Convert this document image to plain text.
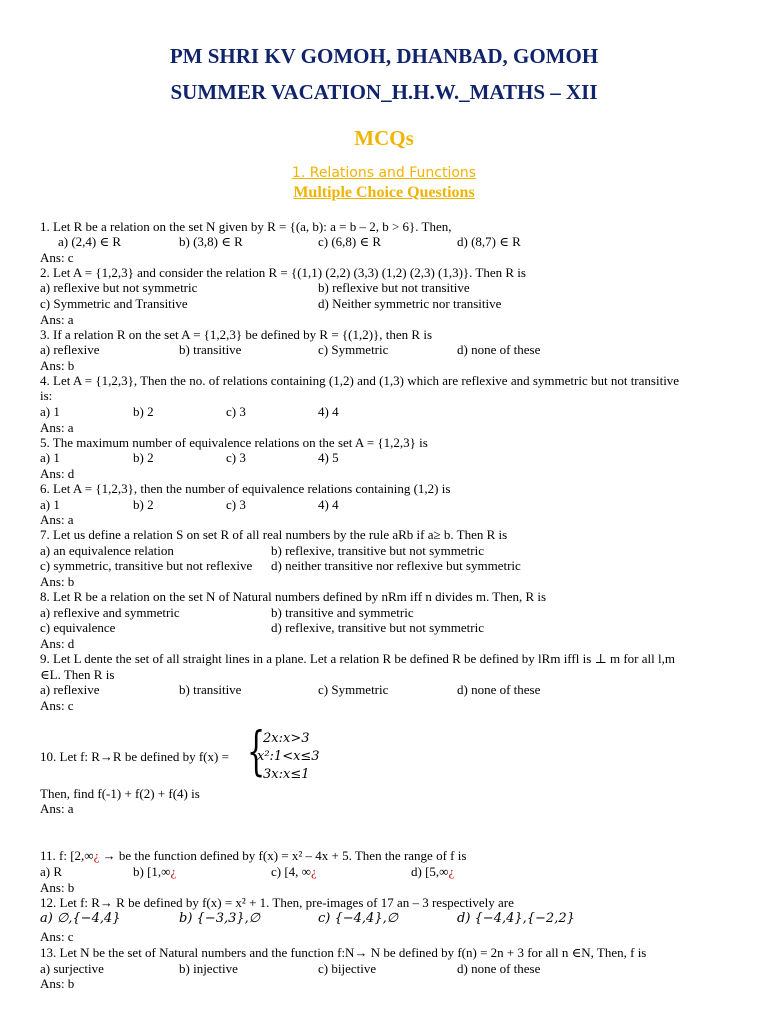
PM SHRI KV GOMOH, DHANBAD, GOMOH
SUMMER VACATION_H.H.W._MATHS – XII
MCQs
1. Relations and Functions
Multiple Choice Questions
1. Let R be a relation on the set N given by R = {(a, b): a = b – 2, b > 6}. Then,
a) (2,4) ∈ R	b) (3,8) ∈ R	c) (6,8) ∈ R	d) (8,7) ∈ R
Ans: c
2. Let A = {1,2,3} and consider the relation R = {(1,1) (2,2) (3,3) (1,2) (2,3) (1,3)}. Then R is
a) reflexive but not symmetric	b) reflexive but not transitive
c) Symmetric and Transitive	d) Neither symmetric nor transitive
Ans: a
3. If a relation R on the set A = {1,2,3} be defined by R = {(1,2)}, then R is
a) reflexive	b) transitive	c) Symmetric	d) none of these
Ans: b
4. Let A = {1,2,3}, Then the no. of relations containing (1,2) and (1,3) which are reflexive and symmetric but not transitive
is:
a) 1	b) 2	c) 3	4) 4
Ans: a
5. The maximum number of equivalence relations on the set A = {1,2,3} is
a) 1	b) 2	c) 3	4) 5
Ans: d
6. Let A = {1,2,3}, then the number of equivalence relations containing (1,2) is
a) 1	b) 2	c) 3	4) 4
Ans: a
7. Let us define a relation S on set R of all real numbers by the rule aRb if a≥ b. Then R is
a) an equivalence relation	b) reflexive, transitive but not symmetric
c) symmetric, transitive but not reflexive d) neither transitive nor reflexive but symmetric
Ans: b
8. Let R be a relation on the set N of Natural numbers defined by nRm iff n divides m. Then, R is
a) reflexive and symmetric	b) transitive and symmetric
c) equivalence	d) reflexive, transitive but not symmetric
Ans: d
9. Let L dente the set of all straight lines in a plane. Let a relation R be defined R be defined by lRm iffl is ⊥ m for all l,m
∈L. Then R is
a) reflexive	b) transitive	c) Symmetric	d) none of these
Ans: c
10. Let f: R→R be defined by f(x) = {
2x:x>3
x²:1<x≤3
3x:x≤1
Then, find f(-1) + f(2) + f(4) is
Ans: a
11. f: [2,∞¿ → be the function defined by f(x) = x² – 4x + 5. Then the range of f is
a) R	b) [1,∞¿	c) [4, ∞¿	d) [5,∞¿
Ans: b
12. Let f: R→ R be defined by f(x) = x² + 1. Then, pre-images of 17 an – 3 respectively are
a) ∅,{−4,4}	b) {−3,3},∅	c) {−4,4},∅	d) {−4,4},{−2,2}
Ans: c
13. Let N be the set of Natural numbers and the function f:N→ N be defined by f(n) = 2n + 3 for all n ∈N, Then, f is
a) surjective	b) injective	c) bijective	d) none of these
Ans: b
